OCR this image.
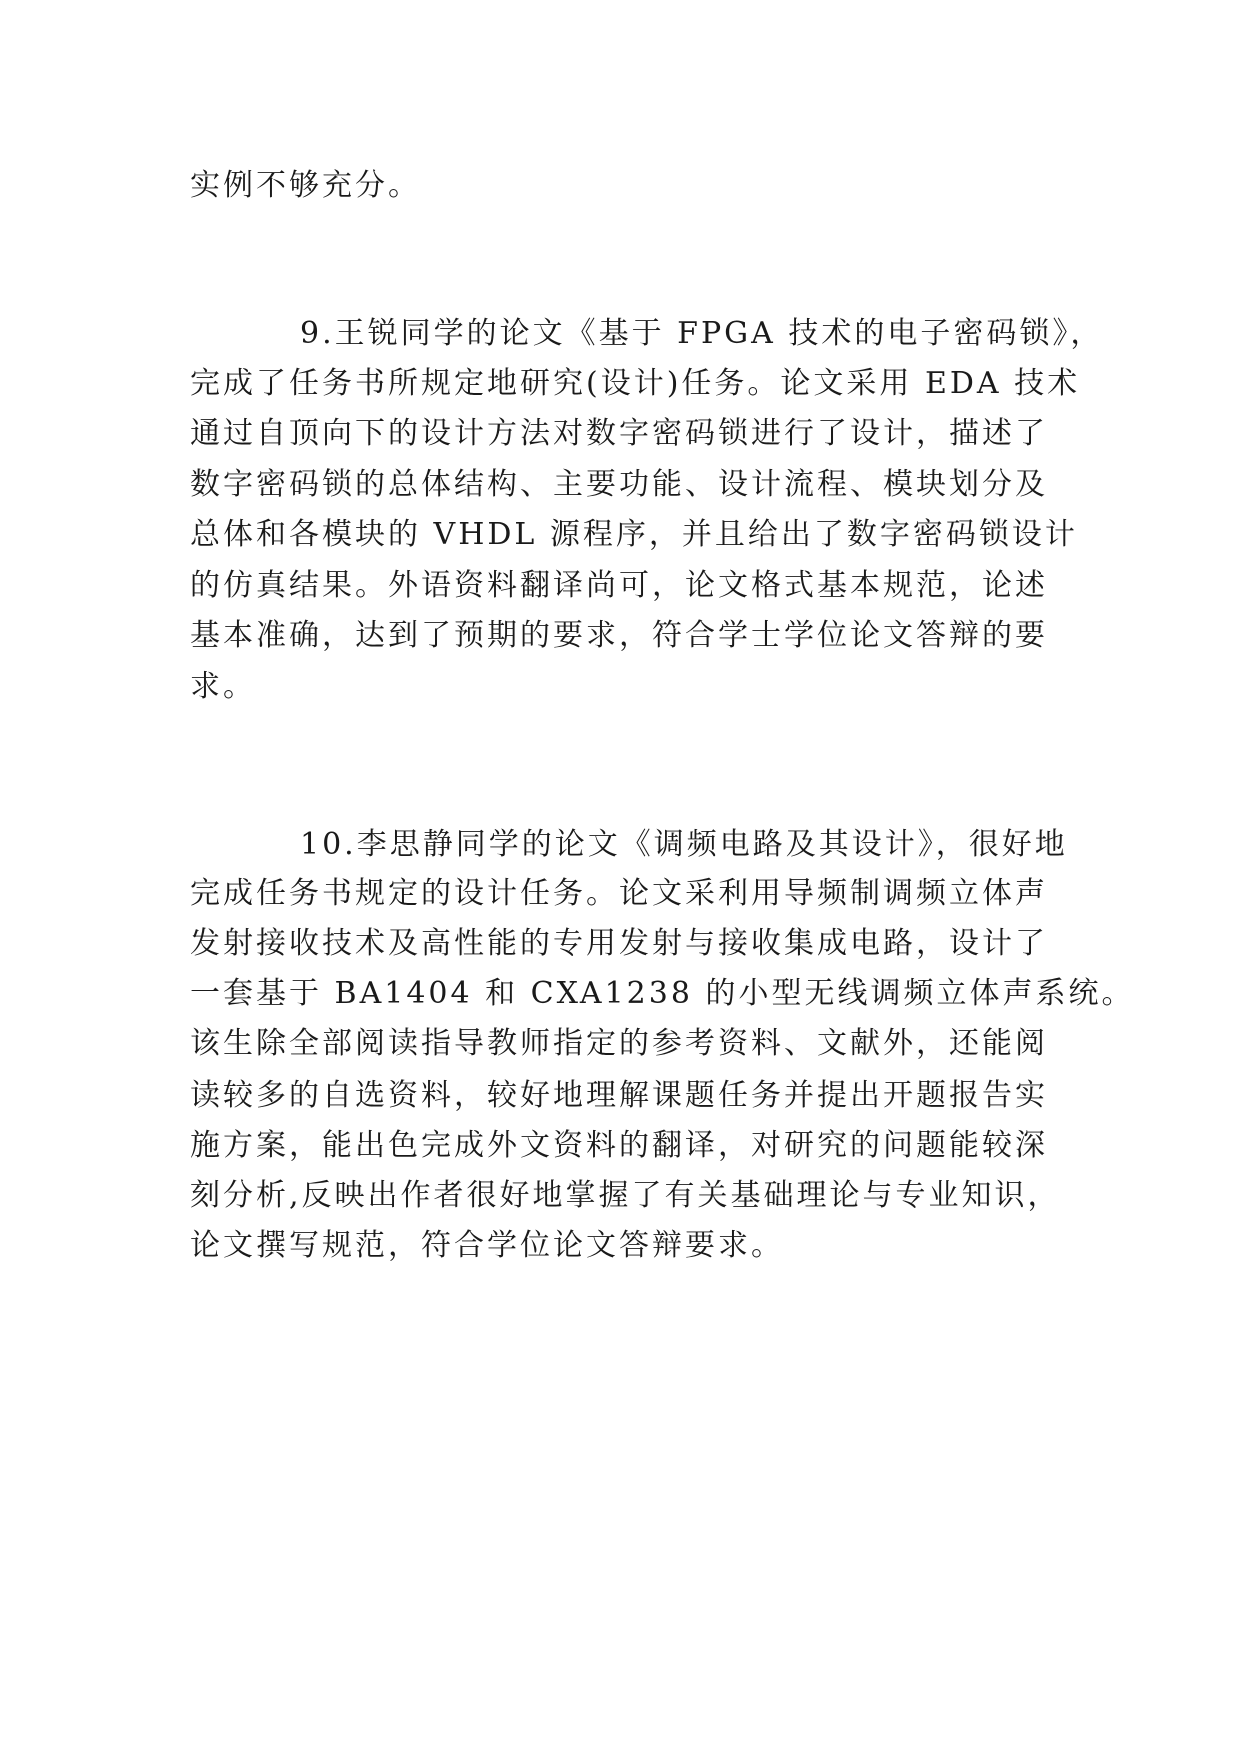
实例不够充分。
9.王锐同学的论文《基于 FPGA 技术的电子密码锁》，
完成了任务书所规定地研究(设计)任务。论文采用 EDA 技术
通过自顶向下的设计方法对数字密码锁进行了设计，描述了
数字密码锁的总体结构、主要功能、设计流程、模块划分及
总体和各模块的 VHDL 源程序，并且给出了数字密码锁设计
的仿真结果。外语资料翻译尚可，论文格式基本规范，论述
基本准确，达到了预期的要求，符合学士学位论文答辩的要
求。
10.李思静同学的论文《调频电路及其设计》，很好地
完成任务书规定的设计任务。论文采利用导频制调频立体声
发射接收技术及高性能的专用发射与接收集成电路，设计了
一套基于 BA1404 和 CXA1238 的小型无线调频立体声系统。
该生除全部阅读指导教师指定的参考资料、文献外，还能阅
读较多的自选资料，较好地理解课题任务并提出开题报告实
施方案，能出色完成外文资料的翻译，对研究的问题能较深
刻分析,反映出作者很好地掌握了有关基础理论与专业知识，
论文撰写规范，符合学位论文答辩要求。
